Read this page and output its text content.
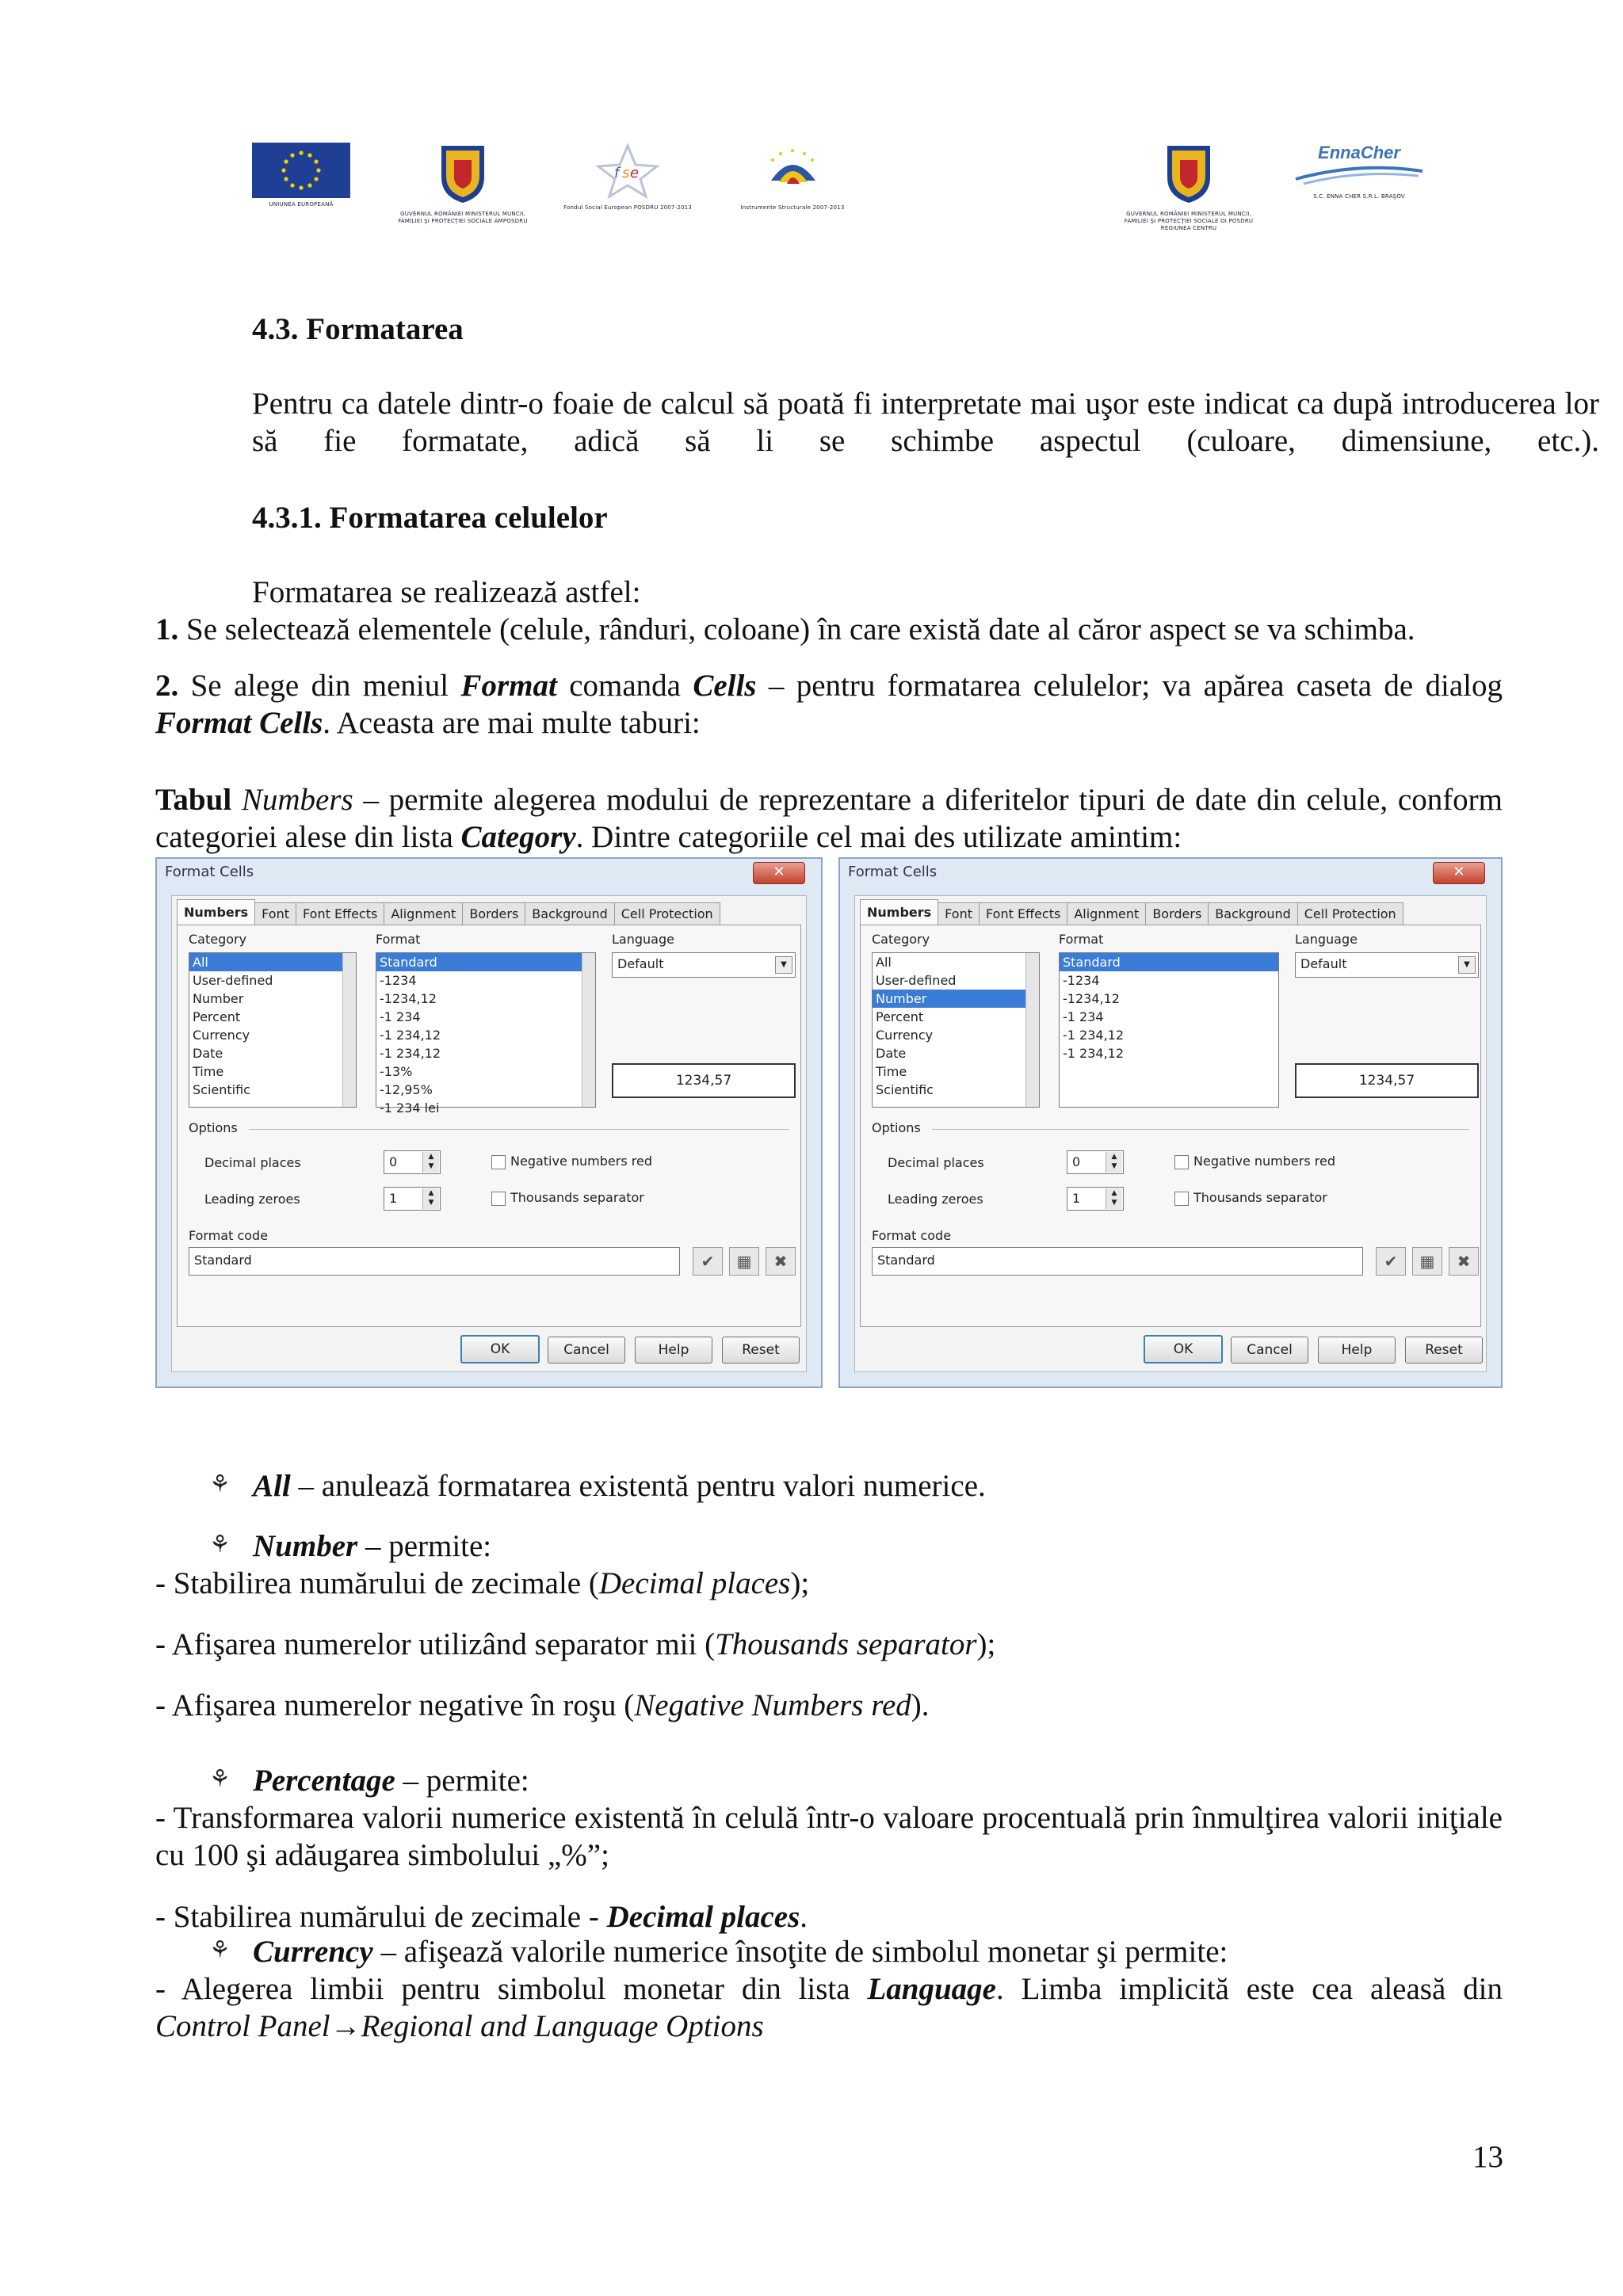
UNIUNEA EUROPEANĂ
GUVERNUL ROMÂNIEI MINISTERUL MUNCII, FAMILIEI ŞI PROTECŢIEI SOCIALE AMPOSDRU
f s e
Fondul Social European POSDRU 2007-2013	Instrumente Structurale 2007-2013
GUVERNUL ROMÂNIEI MINISTERUL MUNCII, FAMILIEI ŞI PROTECŢIEI SOCIALE OI POSDRU REGIUNEA CENTRU
EnnaCher
S.C. ENNA CHER S.R.L. BRAŞOV
4.3. Formatarea
Pentru ca datele dintr-o foaie de calcul să poată fi interpretate mai uşor este indicat ca după introducerea lor să fie formatate, adică să li se schimbe aspectul (culoare, dimensiune, etc.).
4.3.1. Formatarea celulelor
Formatarea se realizează astfel:
1. Se selectează elementele (celule, rânduri, coloane) în care există date al căror aspect se va schimba.
2. Se alege din meniul Format comanda Cells – pentru formatarea celulelor; va apărea caseta de dialog Format Cells. Aceasta are mai multe taburi:
Tabul Numbers – permite alegerea modului de reprezentare a diferitelor tipuri de date din celule, conform categoriei alese din lista Category. Dintre categoriile cel mai des utilizate amintim:
Format Cells	✕
Numbers Font Font Effects Alignment Borders Background Cell Protection
Category
All
User-defined
Number
Percent
Currency
Date
Time
Scientific
Format
Standard
-1234
-1234,12
-1 234
-1 234,12
-1 234,12
-13%
-12,95%
-1 234 lei
Language
Default	▼
1234,57
Options
Decimal places	0	▲
▼	Negative numbers red
Leading zeroes	1	▲
▼	Thousands separator
Format code
Standard	✔	▦	✖
OK	Cancel	Help	Reset
Format Cells	✕
Numbers Font Font Effects Alignment Borders Background Cell Protection
Category
All
User-defined
Number
Percent
Currency
Date
Time
Scientific
Format
Standard
-1234
-1234,12
-1 234
-1 234,12
-1 234,12
Language
Default	▼
1234,57
Options
Decimal places	0	▲
▼	Negative numbers red
Leading zeroes	1	▲
▼	Thousands separator
Format code
Standard	✔	▦	✖
OK	Cancel	Help	Reset
⚘ All – anulează formatarea existentă pentru valori numerice.
⚘ Number – permite:
- Stabilirea numărului de zecimale (Decimal places);
- Afişarea numerelor utilizând separator mii (Thousands separator);
- Afişarea numerelor negative în roşu (Negative Numbers red).
⚘ Percentage – permite:
- Transformarea valorii numerice existentă în celulă într-o valoare procentuală prin înmulţirea valorii iniţiale cu 100 şi adăugarea simbolului „%”;
- Stabilirea numărului de zecimale - Decimal places.
⚘ Currency – afişează valorile numerice însoţite de simbolul monetar şi permite:
- Alegerea limbii pentru simbolul monetar din lista Language. Limba implicită este cea aleasă din
Control Panel→Regional and Language Options
13
